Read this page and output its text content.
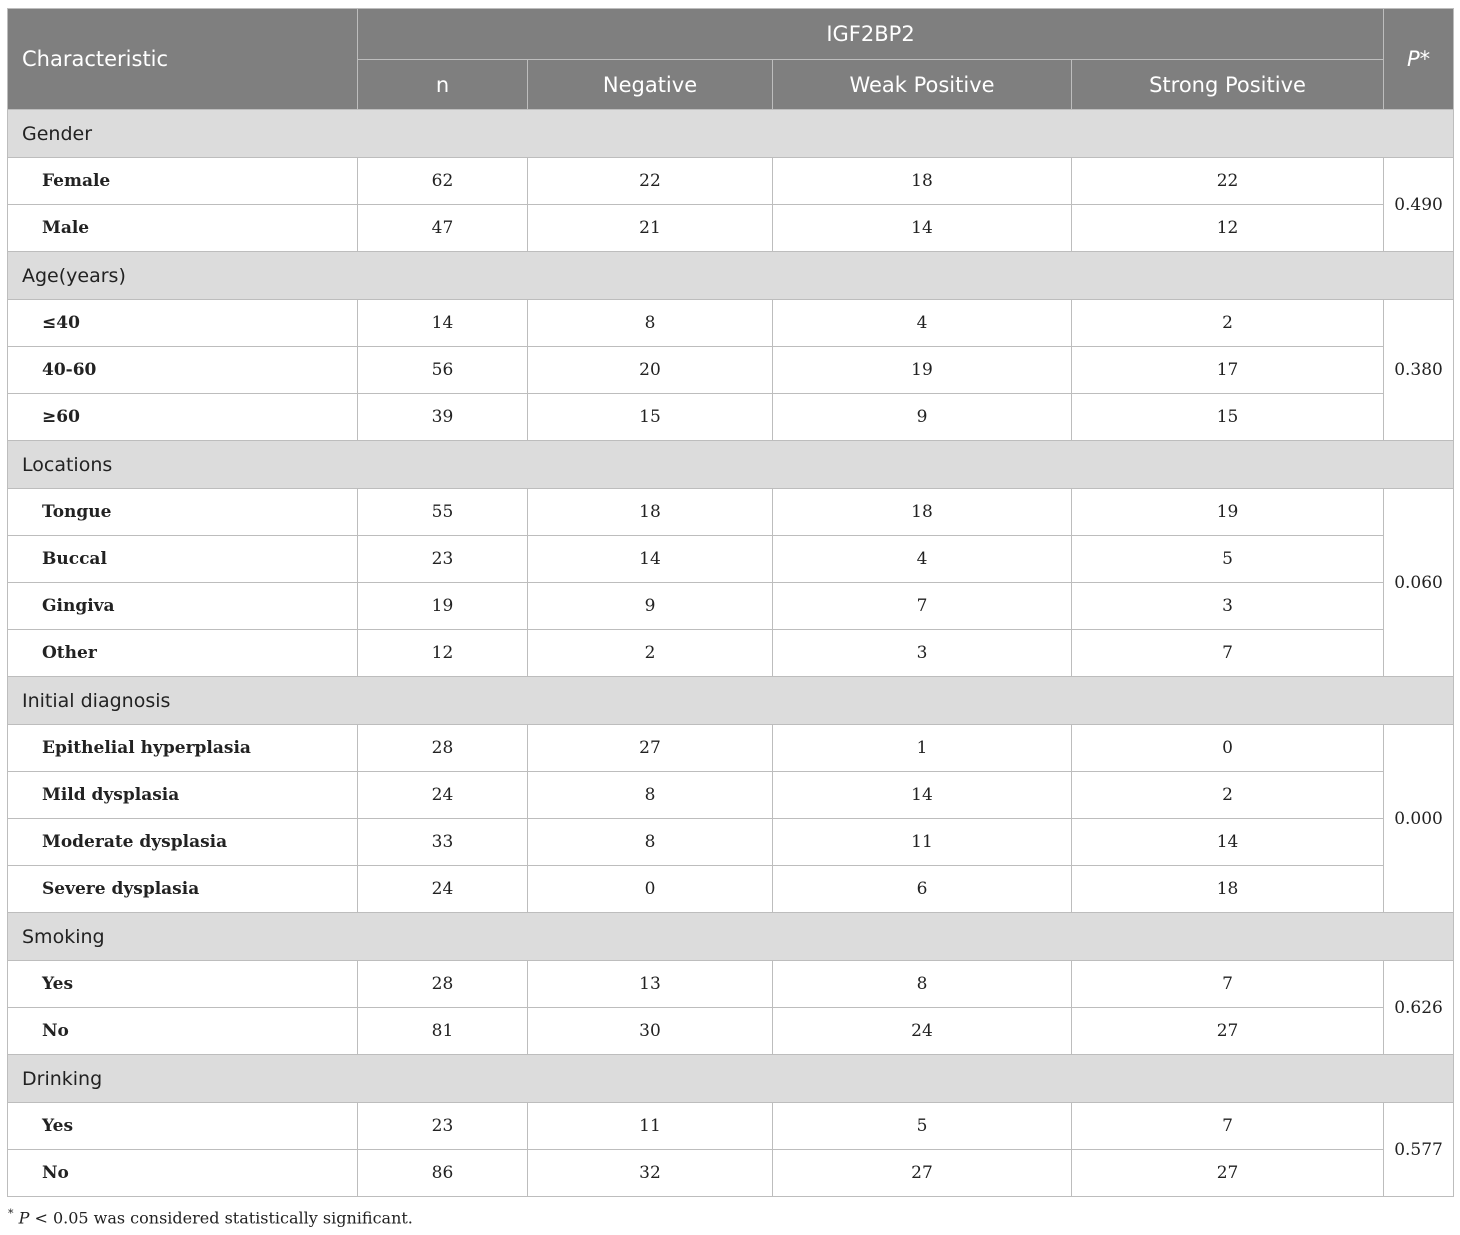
Characteristic	IGF2BP2				P*
	n	Negative	Weak Positive	Strong Positive	
Gender					
Female	62	22	18	22	0.490
Male	47	21	14	12	
Age(years)					
≤40	14	8	4	2	0.380
40-60	56	20	19	17	
≥60	39	15	9	15	
Locations					
Tongue	55	18	18	19	0.060
Buccal	23	14	4	5	
Gingiva	19	9	7	3	
Other	12	2	3	7	
Initial diagnosis					
Epithelial hyperplasia	28	27	1	0	0.000
Mild dysplasia	24	8	14	2	
Moderate dysplasia	33	8	11	14	
Severe dysplasia	24	0	6	18	
Smoking					
Yes	28	13	8	7	0.626
No	81	30	24	27	
Drinking					
Yes	23	11	5	7	0.577
No	86	32	27	27	
* P < 0.05 was considered statistically significant.
